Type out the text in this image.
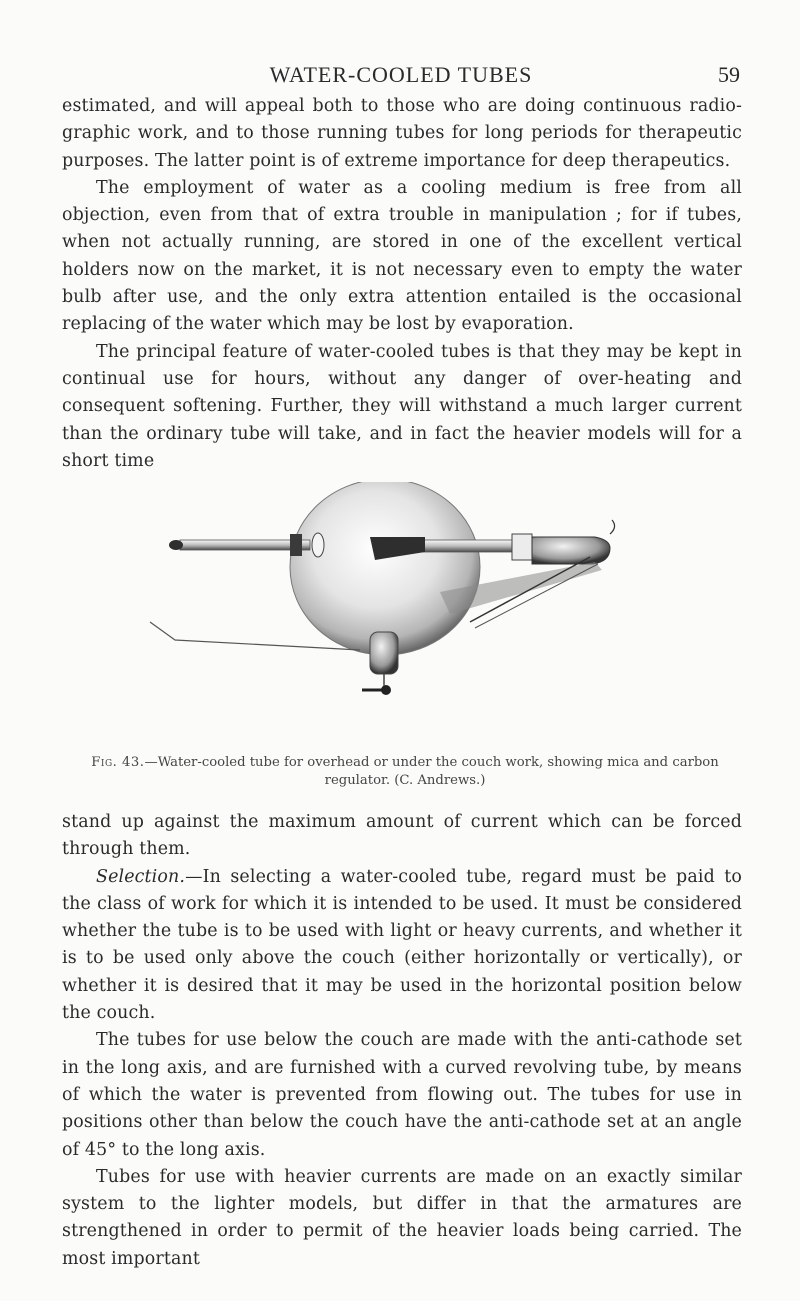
WATER-COOLED TUBES	59

estimated, and will appeal both to those who are doing continuous radio-graphic work, and to those running tubes for long periods for therapeutic purposes. The latter point is of extreme importance for deep therapeutics.

The employment of water as a cooling medium is free from all objection, even from that of extra trouble in manipulation ; for if tubes, when not actually running, are stored in one of the excellent vertical holders now on the market, it is not necessary even to empty the water bulb after use, and the only extra attention entailed is the occasional replacing of the water which may be lost by evaporation.

The principal feature of water-cooled tubes is that they may be kept in continual use for hours, without any danger of over-heating and consequent softening. Further, they will withstand a much larger current than the ordinary tube will take, and in fact the heavier models will for a short time

Fig. 43.—Water-cooled tube for overhead or under the couch work, showing mica and carbon regulator. (C. Andrews.)

stand up against the maximum amount of current which can be forced through them.

Selection.—In selecting a water-cooled tube, regard must be paid to the class of work for which it is intended to be used. It must be considered whether the tube is to be used with light or heavy currents, and whether it is to be used only above the couch (either horizontally or vertically), or whether it is desired that it may be used in the horizontal position below the couch.

The tubes for use below the couch are made with the anti-cathode set in the long axis, and are furnished with a curved revolving tube, by means of which the water is prevented from flowing out. The tubes for use in positions other than below the couch have the anti-cathode set at an angle of 45° to the long axis.

Tubes for use with heavier currents are made on an exactly similar system to the lighter models, but differ in that the armatures are strengthened in order to permit of the heavier loads being carried. The most important
